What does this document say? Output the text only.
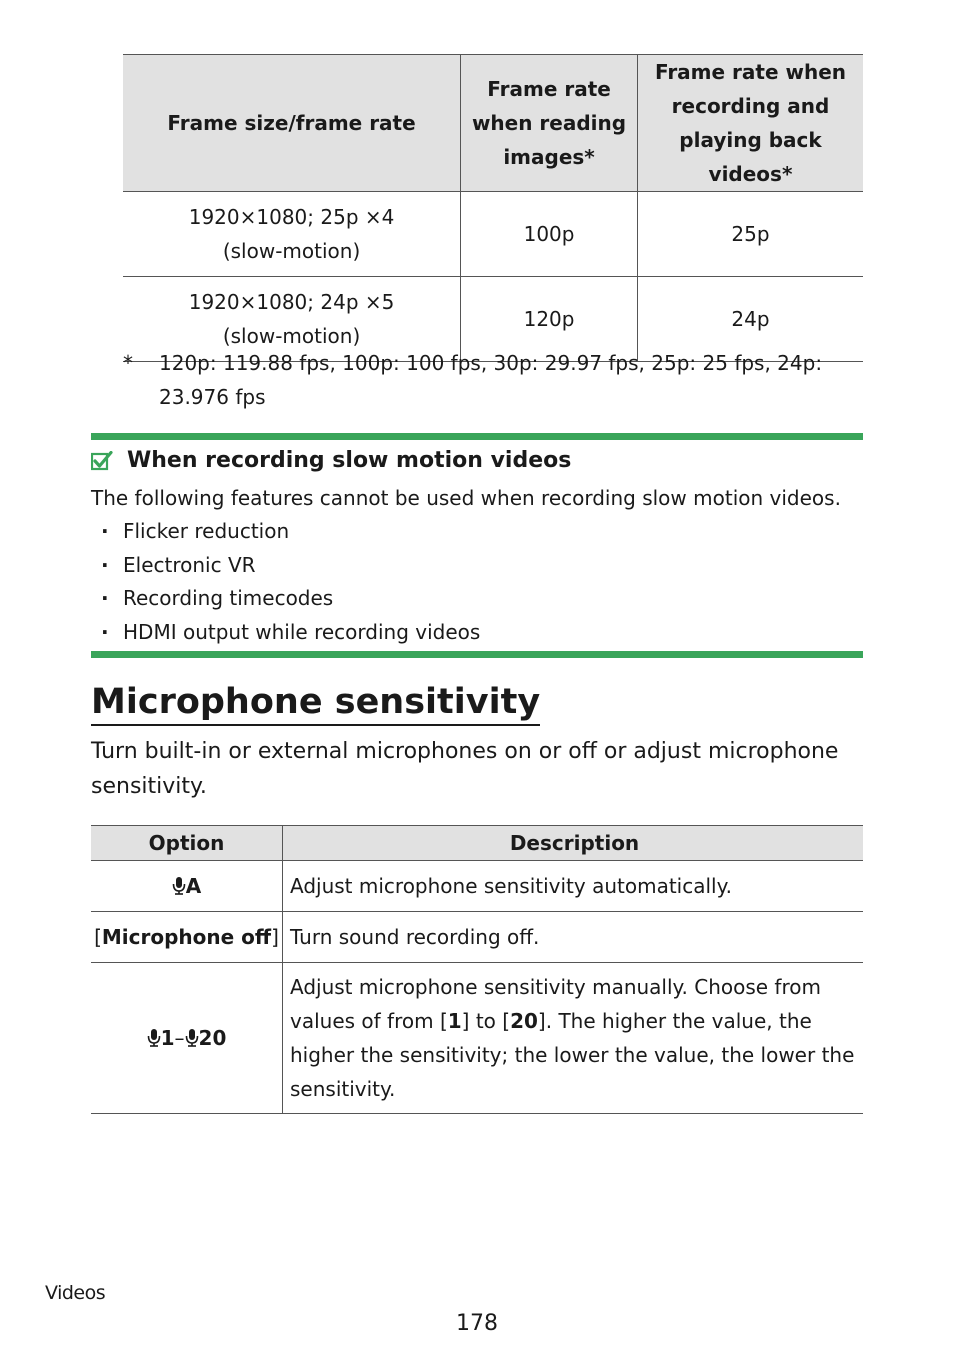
Frame size/frame rate	Frame rate when reading images*	Frame rate when recording and playing back videos*

1920×1080; 25p ×4 (slow-motion)	100p	25p

1920×1080; 24p ×5 (slow-motion)	120p	24p
* 120p: 119.88 fps, 100p: 100 fps, 30p: 29.97 fps, 25p: 25 fps, 24p: 23.976 fps
When recording slow motion videos
The following features cannot be used when recording slow motion videos.
· Flicker reduction
· Electronic VR
· Recording timecodes
· HDMI output while recording videos
Microphone sensitivity
Turn built-in or external microphones on or off or adjust microphone sensitivity.
Option	Description
A	Adjust microphone sensitivity automatically.
[Microphone off]	Turn sound recording off.
1– 20	Adjust microphone sensitivity manually. Choose from values of from [1] to [20]. The higher the value, the higher the sensitivity; the lower the value, the lower the sensitivity.
Videos
178
